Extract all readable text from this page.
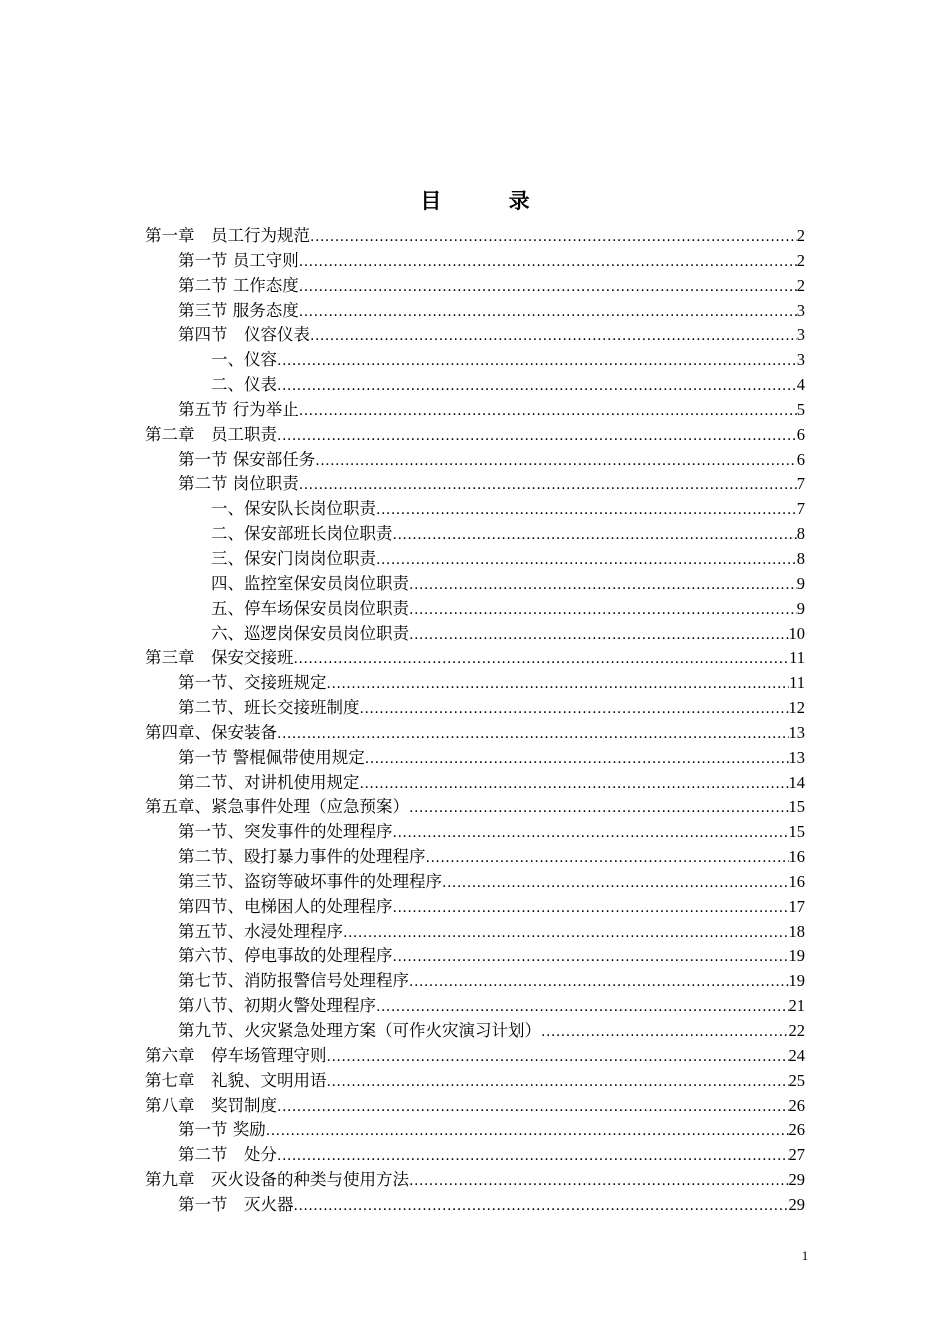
目 录
第一章　员工行为规范 .....	2
第一节 员工守则 .....	2
第二节 工作态度 .....	2
第三节 服务态度 .....	3
第四节　仪容仪表 .....	3
一、仪容 .....	3
二、仪表 .....	4
第五节 行为举止 .....	5
第二章　员工职责 .....	6
第一节 保安部任务 .....	6
第二节 岗位职责 .....	7
一、保安队长岗位职责 .....	7
二、保安部班长岗位职责 .....	8
三、保安门岗岗位职责 .....	8
四、监控室保安员岗位职责 .....	9
五、停车场保安员岗位职责 .....	9
六、巡逻岗保安员岗位职责 .....	10
第三章　保安交接班 .....	11
第一节、交接班规定 .....	11
第二节、班长交接班制度 .....	12
第四章、保安装备 .....	13
第一节 警棍佩带使用规定 .....	13
第二节、对讲机使用规定 .....	14
第五章、紧急事件处理（应急预案） .....	15
第一节、突发事件的处理程序 .....	15
第二节、殴打暴力事件的处理程序 .....	16
第三节、盗窃等破坏事件的处理程序 .....	16
第四节、电梯困人的处理程序 .....	17
第五节、水浸处理程序 .....	18
第六节、停电事故的处理程序 .....	19
第七节、消防报警信号处理程序 .....	19
第八节、初期火警处理程序 .....	21
第九节、火灾紧急处理方案（可作火灾演习计划） .....	22
第六章　停车场管理守则 .....	24
第七章　礼貌、文明用语 .....	25
第八章　奖罚制度 .....	26
第一节 奖励 .....	26
第二节　处分 .....	27
第九章　灭火设备的种类与使用方法 .....	29
第一节　灭火器 .....	29
1
